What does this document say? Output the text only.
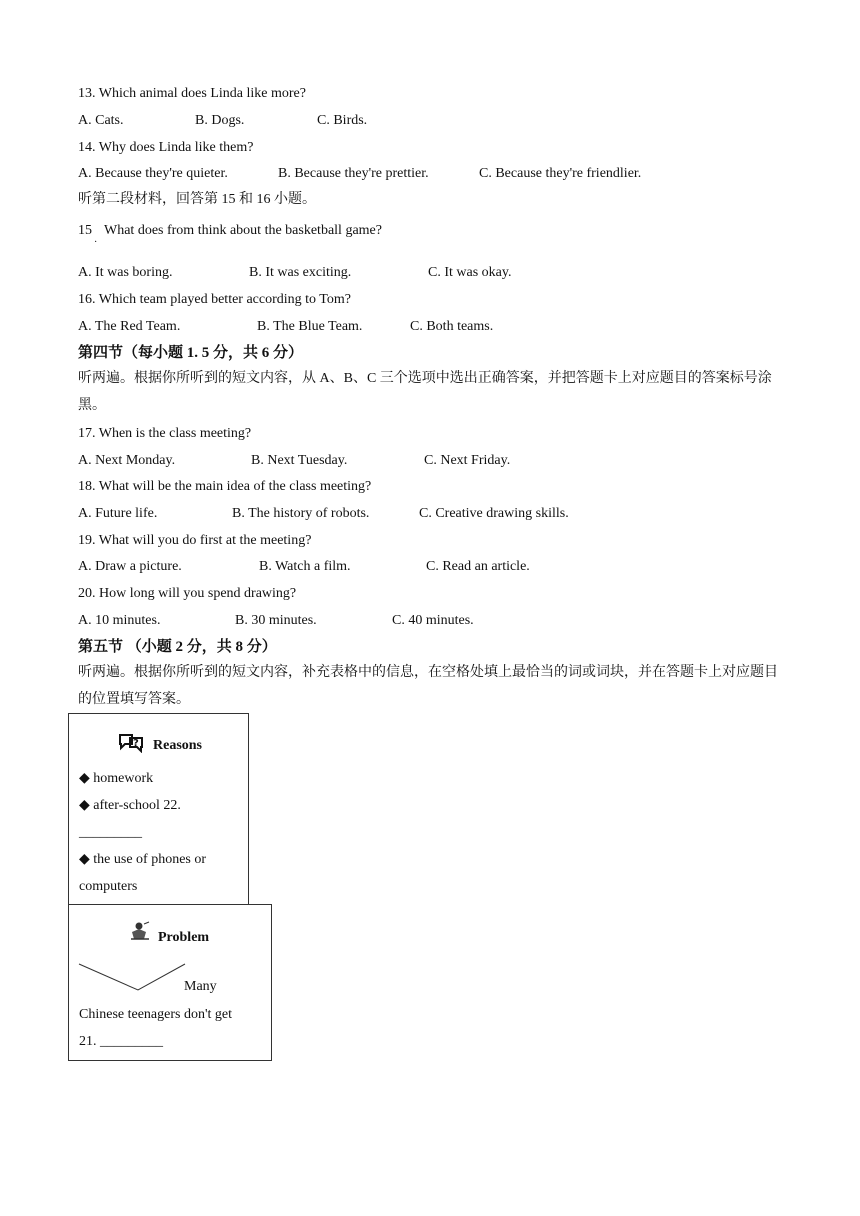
13. Which animal does Linda like more?
A. Cats.	B. Dogs.	C. Birds.
14. Why does Linda like them?
A. Because they're quieter.	B. Because they're prettier.	C. Because they're friendlier.
听第二段材料，回答第 15 和 16 小题。
15
·
What does from think about the basketball game?
A. It was boring.	B. It was exciting.	C. It was okay.
16. Which team played better according to Tom?
A. The Red Team.	B. The Blue Team.	C. Both teams.
第四节（每小题 1. 5 分，共 6 分）
听两遍。根据你所听到的短文内容，从 A、B、C 三个选项中选出正确答案，并把答题卡上对应题目的答案标号涂黑。
17. When is the class meeting?
A. Next Monday.	B. Next Tuesday.	C. Next Friday.
18. What will be the main idea of the class meeting?
A. Future life.	B. The history of robots.	C. Creative drawing skills.
19. What will you do first at the meeting?
A. Draw a picture.	B. Watch a film.	C. Read an article.
20. How long will you spend drawing?
A. 10 minutes.	B. 30 minutes.	C. 40 minutes.
第五节 （小题 2 分，共 8 分）
听两遍。根据你所听到的短文内容，补充表格中的信息，在空格处填上最恰当的词或词块，并在答题卡上对应题目的位置填写答案。
? Reasons
◆ homework
◆ after-school 22.
_________
◆ the use of phones or
computers
Problem
Many
Chinese teenagers don't get
21. _________
